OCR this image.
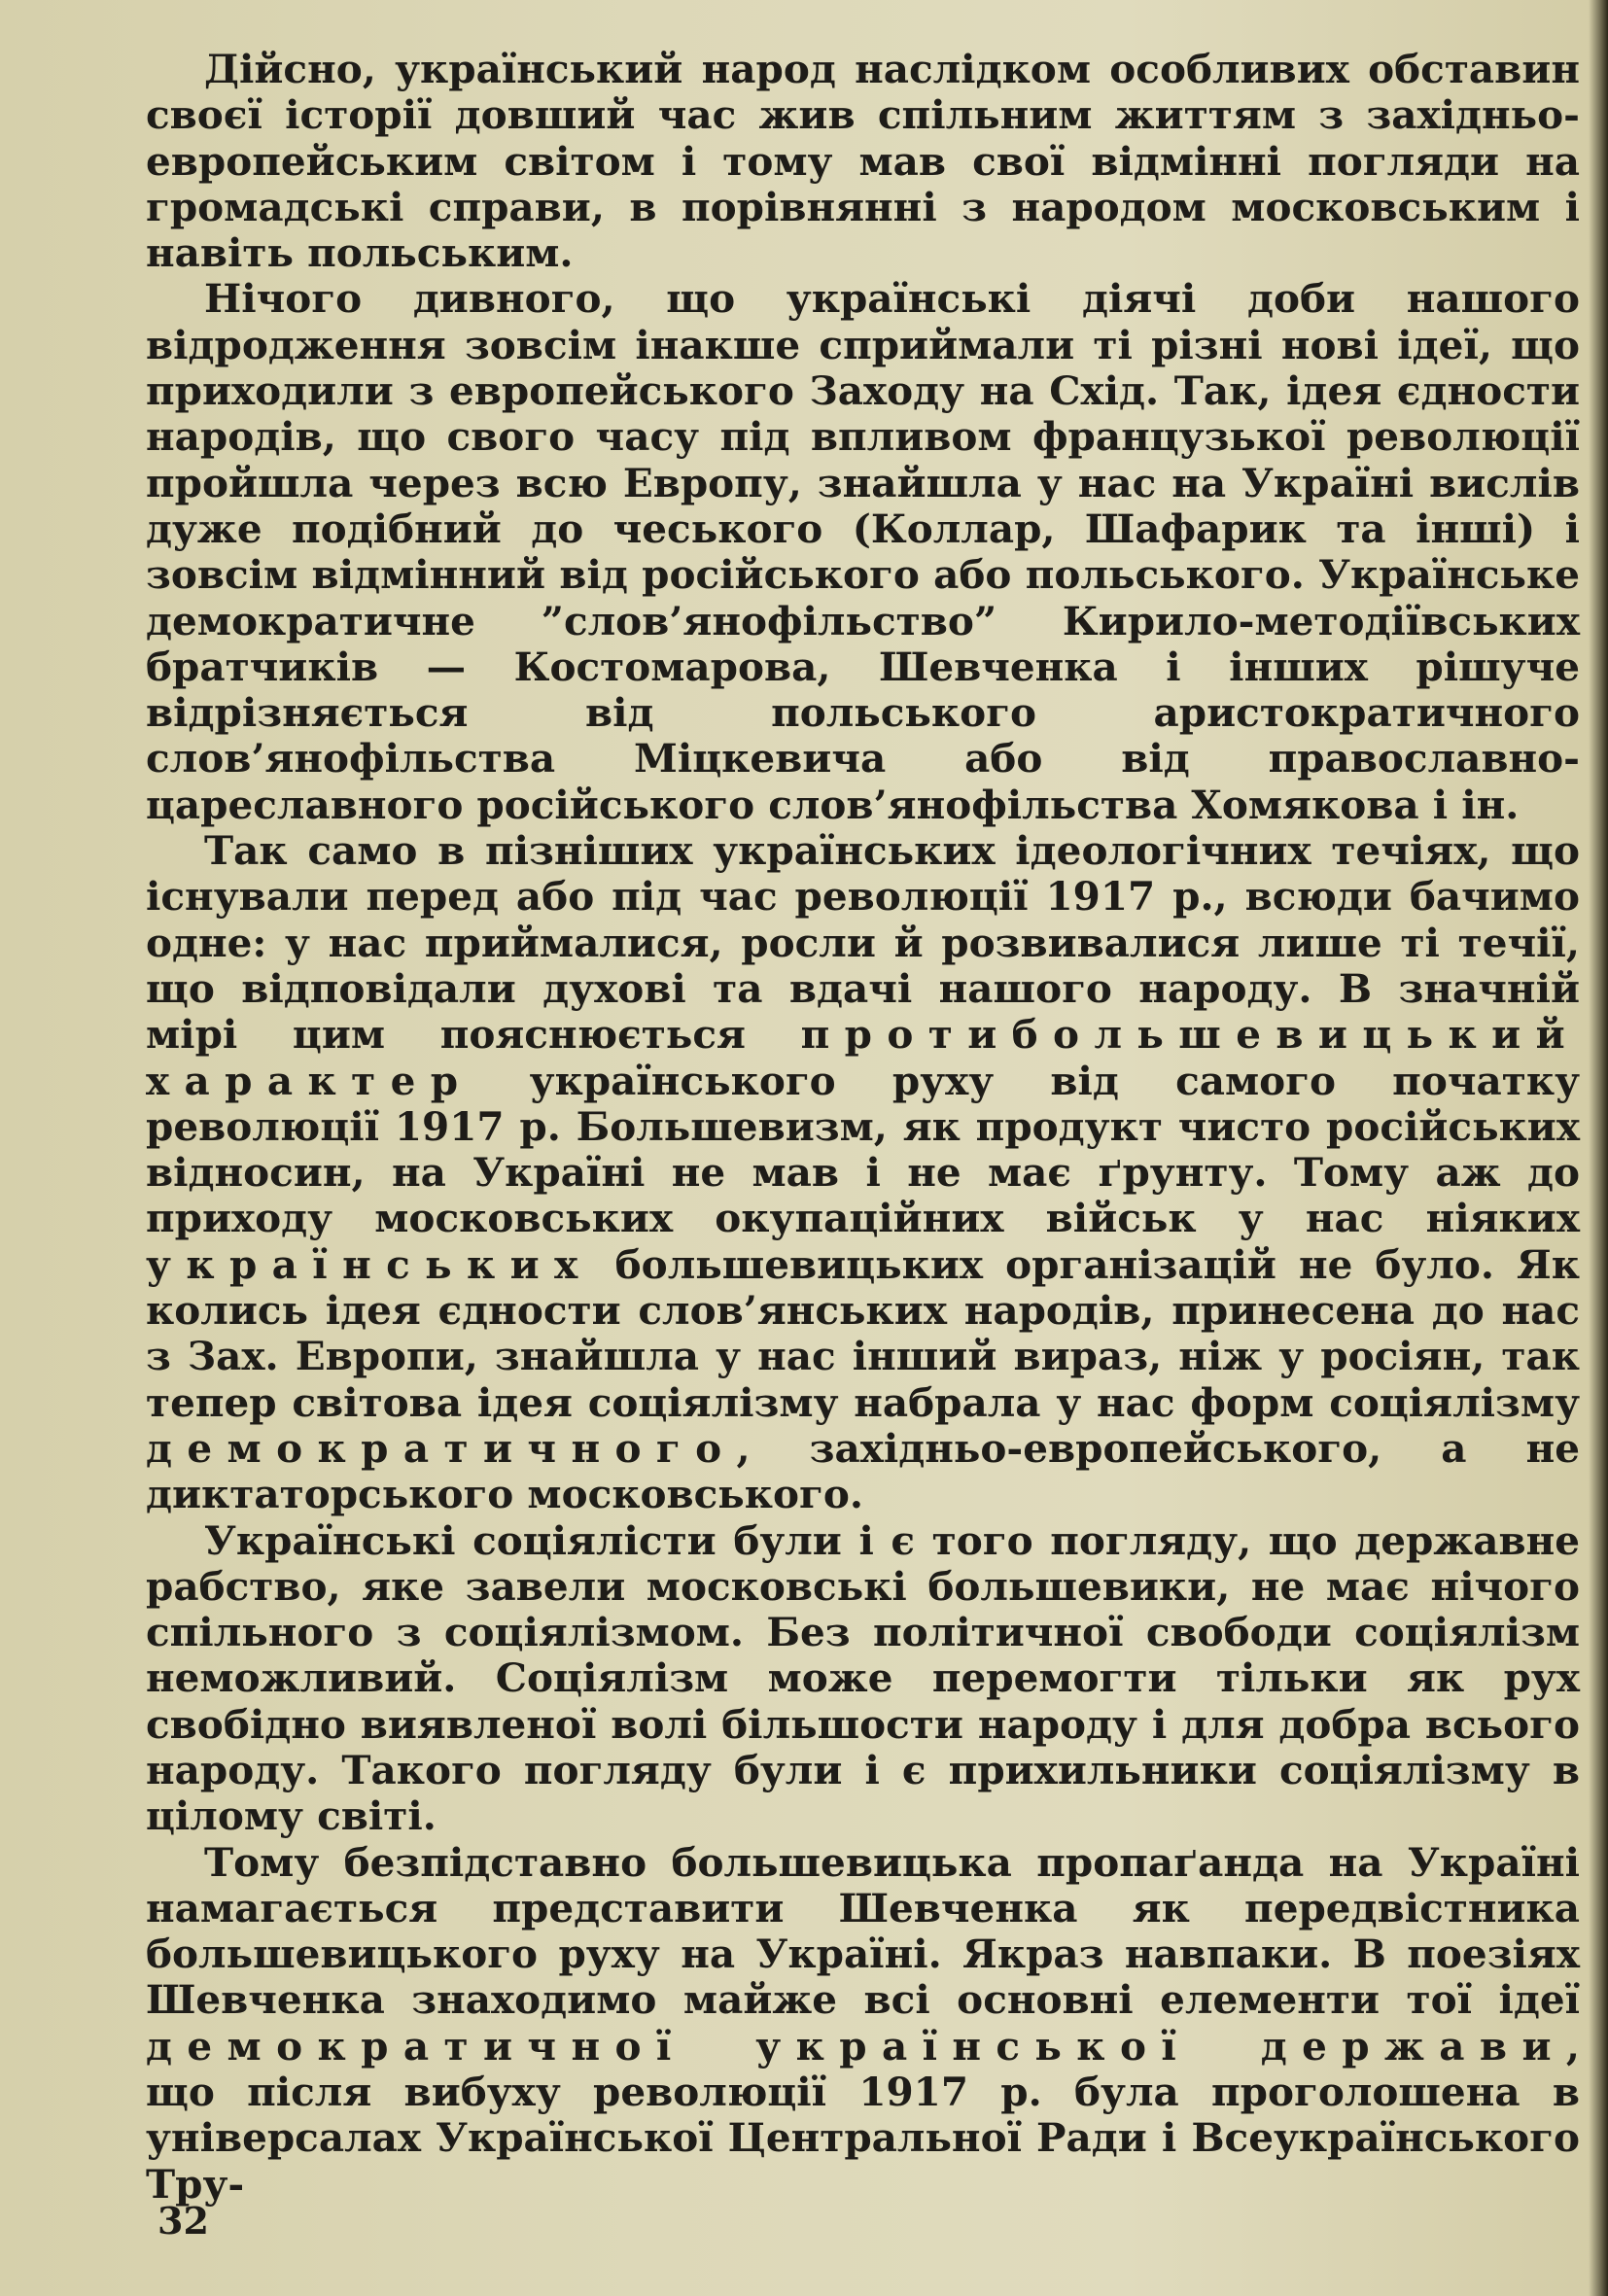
Дійсно, український народ наслідком особливих обставин своєї історії довший час жив спільним життям з західньо-европейським світом і тому мав свої відмінні погляди на громадські справи, в порівнянні з народом московським і навіть польським.

Нічого дивного, що українські діячі доби нашого відродження зовсім інакше сприймали ті різні нові ідеї, що приходили з европейського Заходу на Схід. Так, ідея єдности народів, що свого часу під впливом французької революції пройшла через всю Европу, знайшла у нас на Україні вислів дуже подібний до чеського (Коллар, Шафарик та інші) і зовсім відмінний від російського або польського. Українське демократичне ”слов’янофільство” Кирило-методіївських братчиків — Костомарова, Шевченка і інших рішуче відрізняється від польського аристократичного слов’янофільства Міцкевича або від православно-цареславного російського слов’янофільства Хомякова і ін.

Так само в пізніших українських ідеологічних течіях, що існували перед або під час революції 1917 р., всюди бачимо одне: у нас приймалися, росли й розвивалися лише ті течії, що відповідали духові та вдачі нашого народу. В значній мірі цим пояснюється протибольшевицький характер українського руху від самого початку революції 1917 р. Большевизм, як продукт чисто російських відносин, на Україні не мав і не має ґрунту. Тому аж до приходу московських окупаційних військ у нас ніяких українських большевицьких організацій не було. Як колись ідея єдности слов’янських народів, принесена до нас з Зах. Европи, знайшла у нас інший вираз, ніж у росіян, так тепер світова ідея соціялізму набрала у нас форм соціялізму демократичного, західньо-европейського, а не диктаторського московського.

Українські соціялісти були і є того погляду, що державне рабство, яке завели московські большевики, не має нічого спільного з соціялізмом. Без політичної свободи соціялізм неможливий. Соціялізм може перемогти тільки як рух свобідно виявленої волі більшости народу і для добра всього народу. Такого погляду були і є прихильники соціялізму в цілому світі.

Тому безпідставно большевицька пропаґанда на Україні намагається представити Шевченка як передвістника большевицького руху на Україні. Якраз навпаки. В поезіях Шевченка знаходимо майже всі основні елементи тої ідеї демократичної української держави, що після вибуху революції 1917 р. була проголошена в універсалах Української Центральної Ради і Всеукраїнського Тру-

32
